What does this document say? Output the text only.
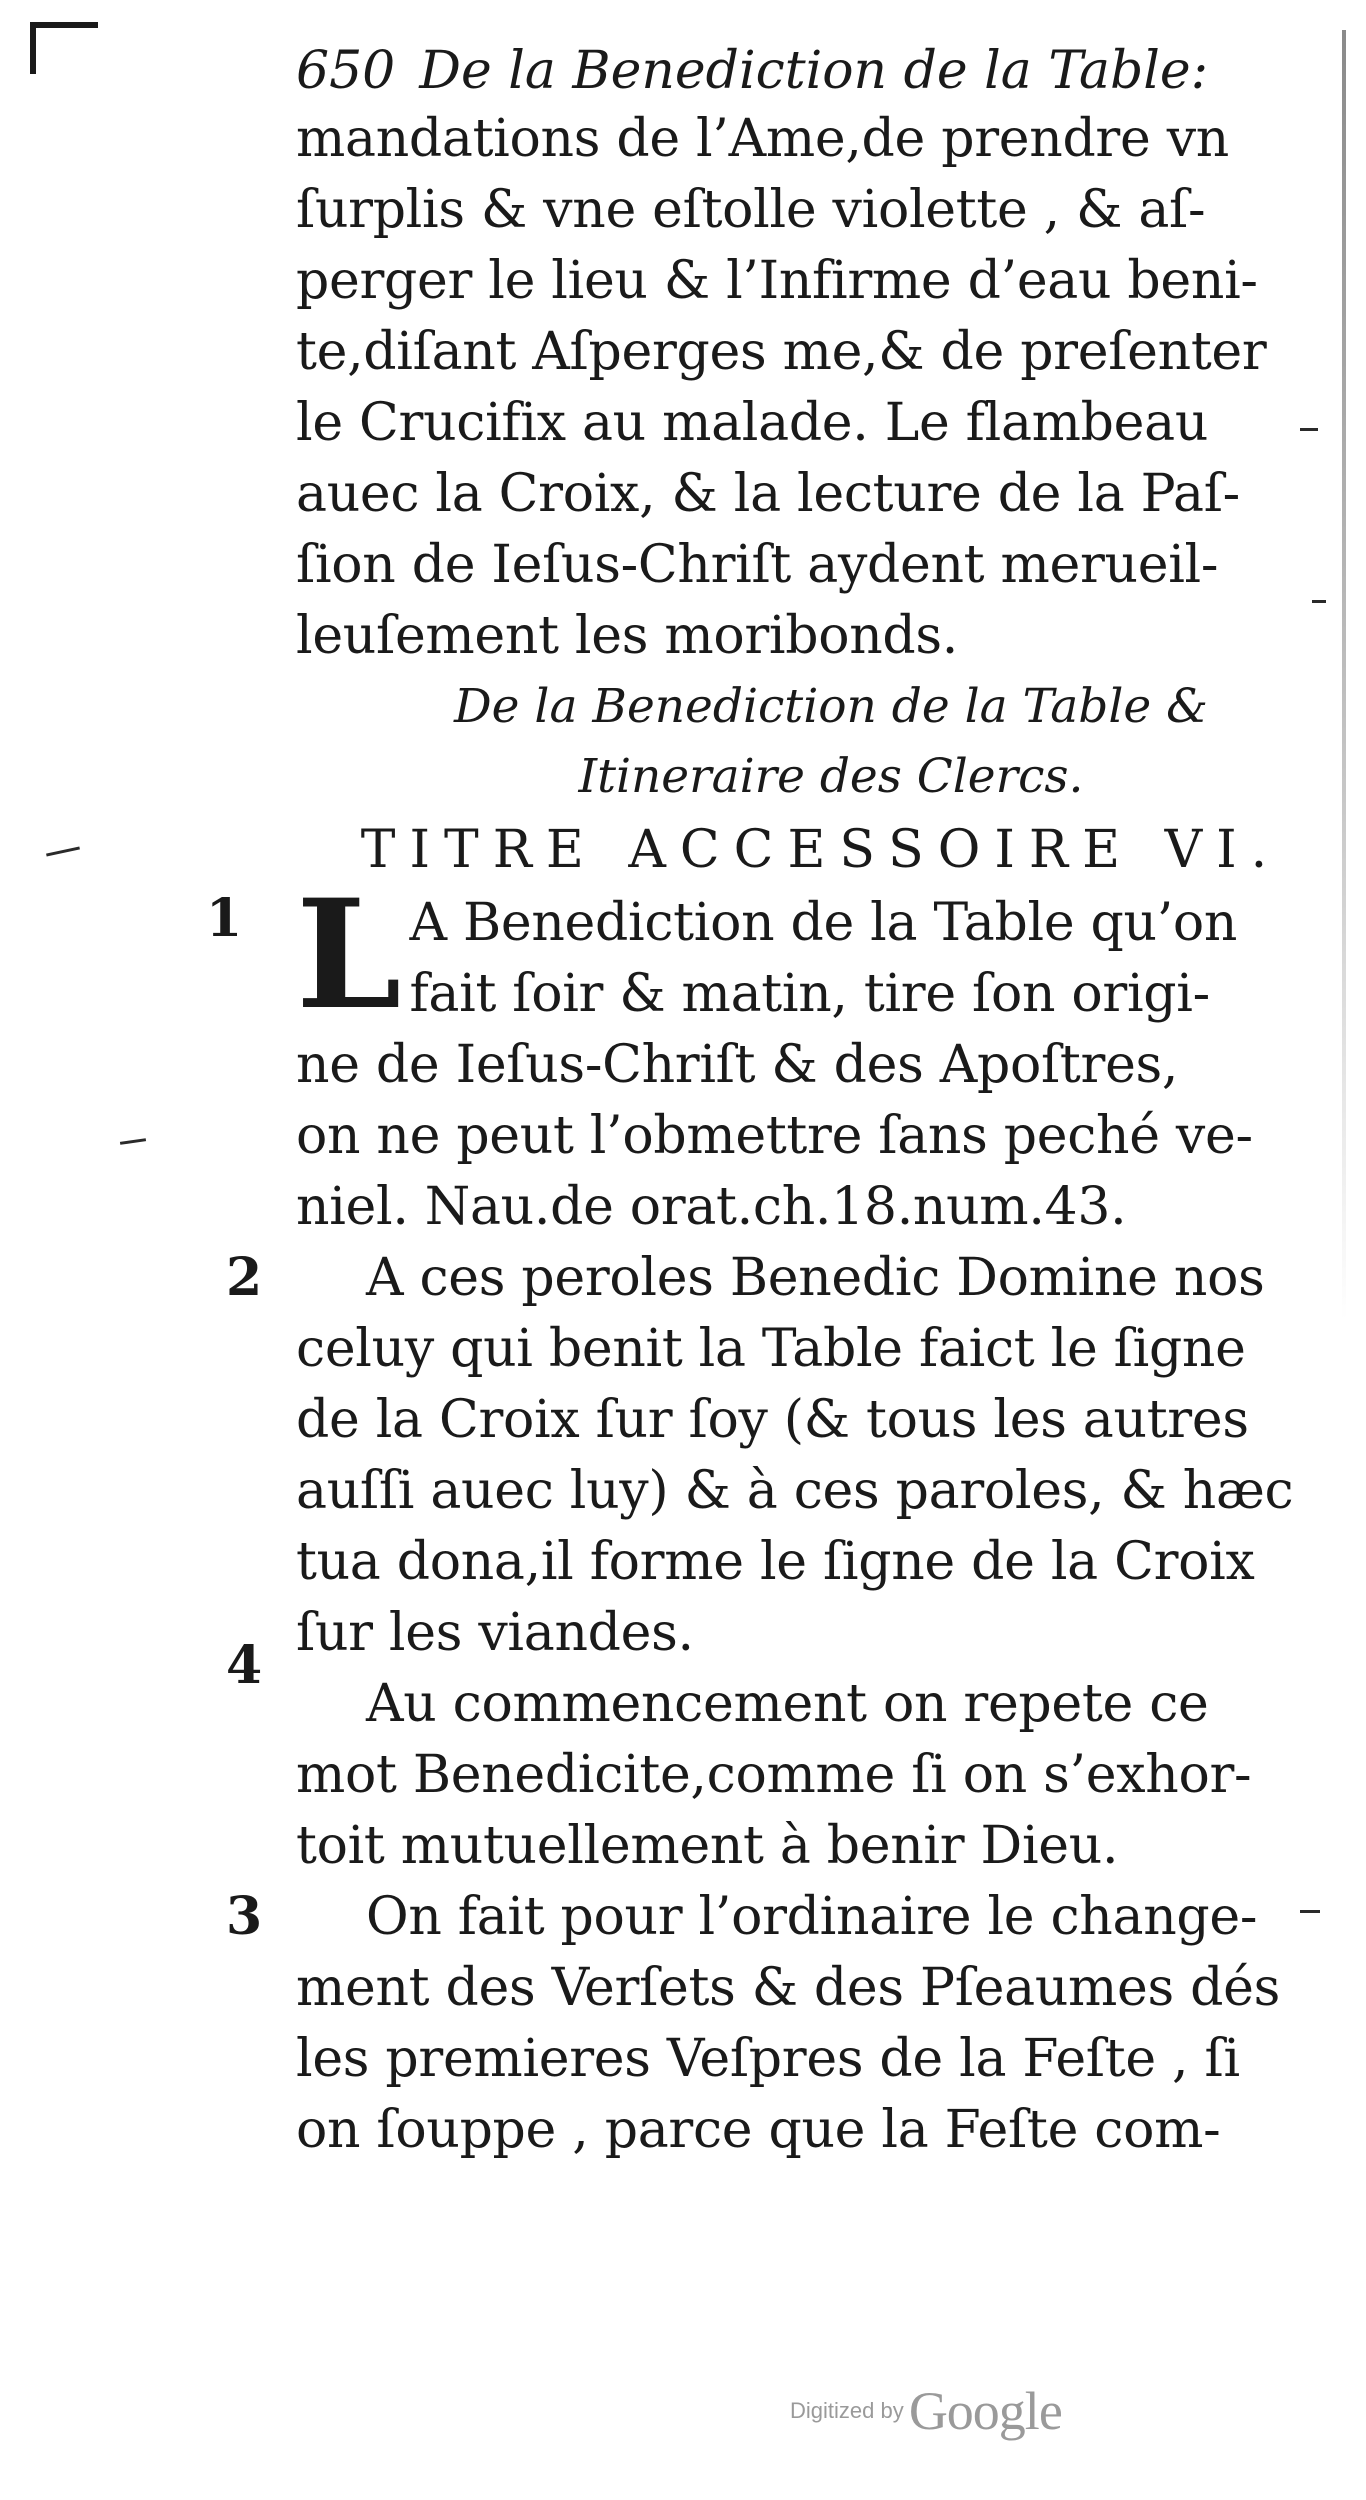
650 De la Benediction de la Table:
mandations de l’Ame,de prendre vn
ſurplis & vne eſtolle violette , & aſ-
perger le lieu & l’Infirme d’eau beni-
te,diſant Aſperges me,& de preſenter
le Crucifix au malade. Le flambeau
auec la Croix, & la lecture de la Paſ-
ſion de Ieſus-Chriſt aydent merueil-
leuſement les moribonds.
De la Benediction de la Table &
Itineraire des Clercs.
TITRE ACCESSOIRE VI.
1 L A Benediction de la Table qu’on
fait ſoir & matin, tire ſon origi-
ne de Ieſus-Chriſt & des Apoſtres,
on ne peut l’obmettre ſans peché ve-
niel. Nau.de orat.ch.18.num.43.
2	A ces peroles Benedic Domine nos
celuy qui benit la Table faict le ſigne
de la Croix ſur ſoy (& tous les autres
auſſi auec luy) & à ces paroles, & hæc
tua dona,il forme le ſigne de la Croix
ſur les viandes.
4
Au commencement on repete ce
mot Benedicite,comme ſi on s’exhor-
toit mutuellement à benir Dieu.
3	On fait pour l’ordinaire le change-
ment des Verſets & des Pſeaumes dés
les premieres Veſpres de la Feſte , ſi
on ſouppe , parce que la Feſte com-
Digitized by Google
